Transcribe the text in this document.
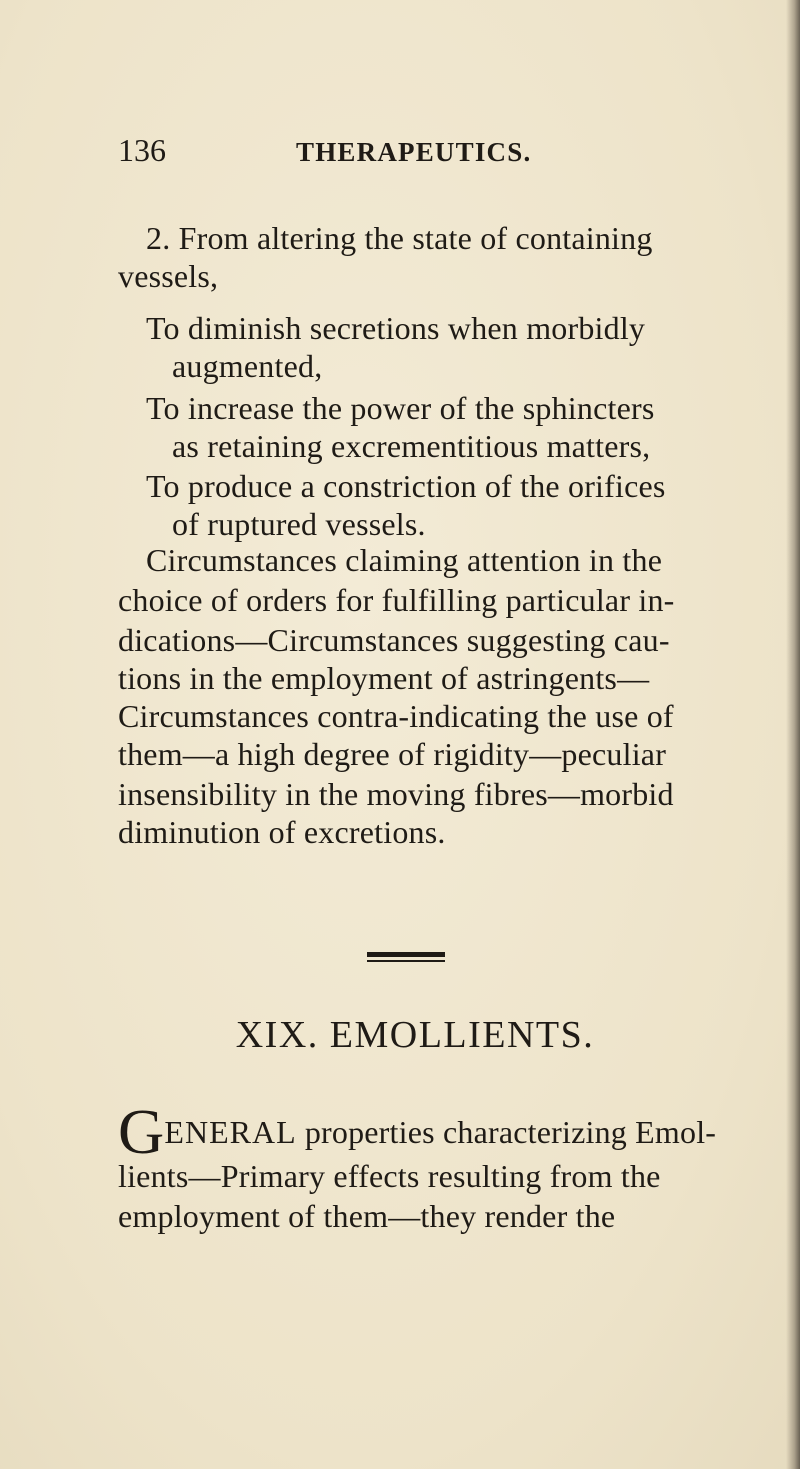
136	THERAPEUTICS.
2. From altering the state of containing
vessels,
To diminish secretions when morbidly
augmented,
To increase the power of the sphincters
as retaining excrementitious matters,
To produce a constriction of the orifices
of ruptured vessels.
Circumstances claiming attention in the
choice of orders for fulfilling particular in-
dications—Circumstances suggesting cau-
tions in the employment of astringents—
Circumstances contra-indicating the use of
them—a high degree of rigidity—peculiar
insensibility in the moving fibres—morbid
diminution of excretions.
XIX. EMOLLIENTS.
GENERAL properties characterizing Emol-
lients—Primary effects resulting from the
employment of them—they render the
